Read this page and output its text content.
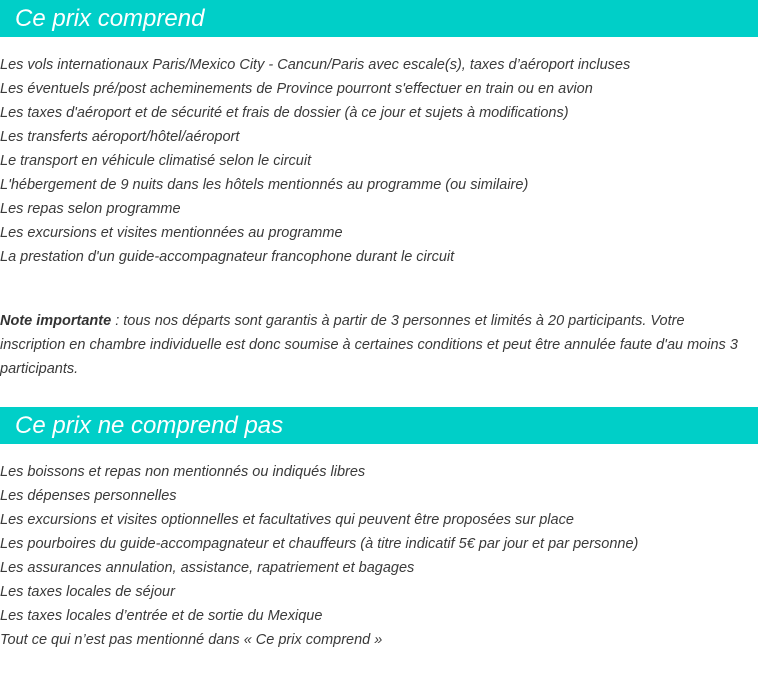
Ce prix comprend
Les vols internationaux Paris/Mexico City - Cancun/Paris avec escale(s), taxes d’aéroport incluses
Les éventuels pré/post acheminements de Province pourront s'effectuer en train ou en avion
Les taxes d'aéroport et de sécurité et frais de dossier (à ce jour et sujets à modifications)
Les transferts aéroport/hôtel/aéroport
Le transport en véhicule climatisé selon le circuit
L'hébergement de 9 nuits dans les hôtels mentionnés au programme (ou similaire)
Les repas selon programme
Les excursions et visites mentionnées au programme
La prestation d'un guide-accompagnateur francophone durant le circuit

Note importante : tous nos départs sont garantis à partir de 3 personnes et limités à 20 participants. Votre inscription en chambre individuelle est donc soumise à certaines conditions et peut être annulée faute d'au moins 3 participants.

Ce prix ne comprend pas
Les boissons et repas non mentionnés ou indiqués libres
Les dépenses personnelles
Les excursions et visites optionnelles et facultatives qui peuvent être proposées sur place
Les pourboires du guide-accompagnateur et chauffeurs (à titre indicatif 5€ par jour et par personne)
Les assurances annulation, assistance, rapatriement et bagages
Les taxes locales de séjour
Les taxes locales d’entrée et de sortie du Mexique
Tout ce qui n’est pas mentionné dans « Ce prix comprend »
